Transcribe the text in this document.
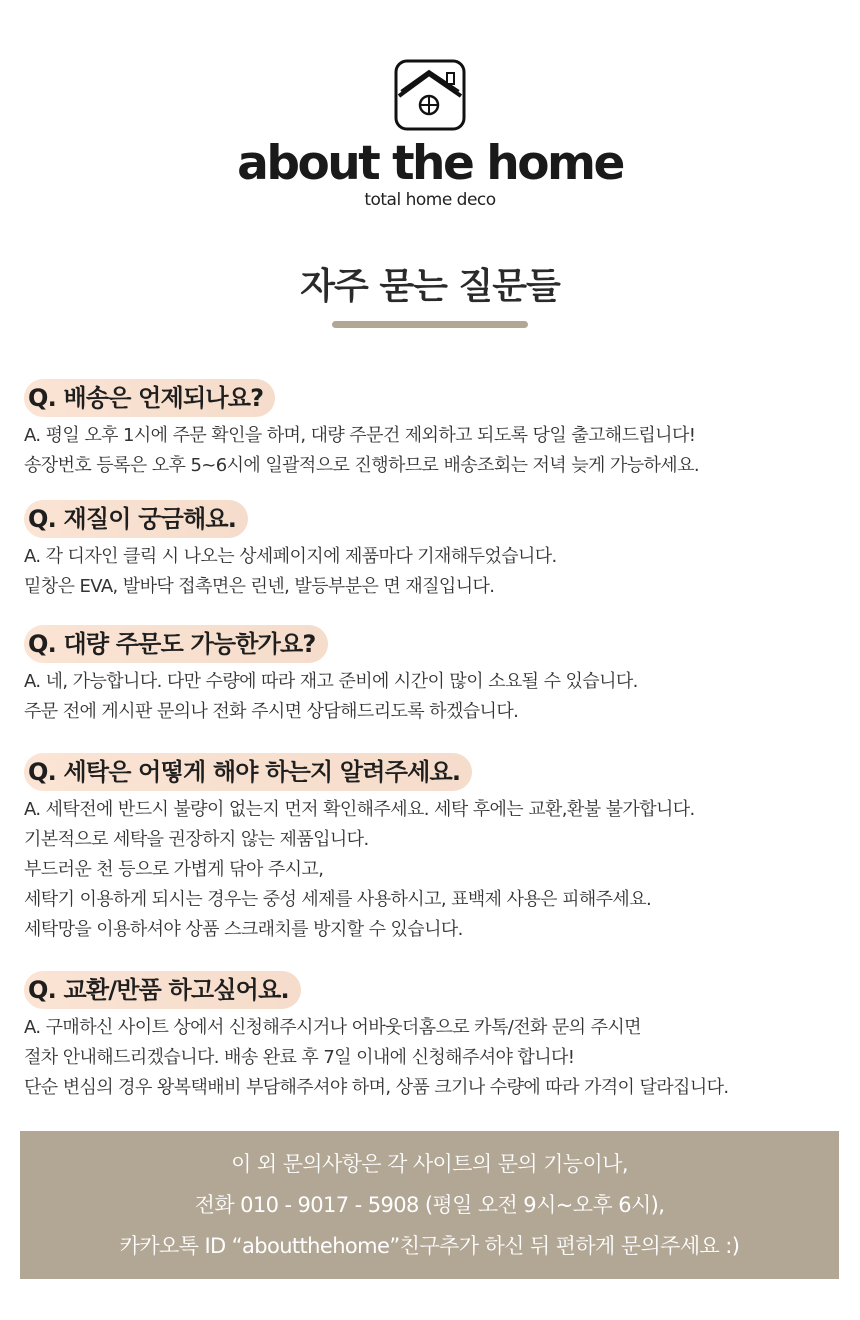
about the home
total home deco
자주 묻는 질문들
Q. 배송은 언제되나요?
A. 평일 오후 1시에 주문 확인을 하며, 대량 주문건 제외하고 되도록 당일 출고해드립니다!
송장번호 등록은 오후 5~6시에 일괄적으로 진행하므로 배송조회는 저녁 늦게 가능하세요.
Q. 재질이 궁금해요.
A. 각 디자인 클릭 시 나오는 상세페이지에 제품마다 기재해두었습니다.
밑창은 EVA, 발바닥 접촉면은 린넨, 발등부분은 면 재질입니다.
Q. 대량 주문도 가능한가요?
A. 네, 가능합니다. 다만 수량에 따라 재고 준비에 시간이 많이 소요될 수 있습니다.
주문 전에 게시판 문의나 전화 주시면 상담해드리도록 하겠습니다.
Q. 세탁은 어떻게 해야 하는지 알려주세요.
A. 세탁전에 반드시 불량이 없는지 먼저 확인해주세요. 세탁 후에는 교환,환불 불가합니다.
기본적으로 세탁을 권장하지 않는 제품입니다.
부드러운 천 등으로 가볍게 닦아 주시고,
세탁기 이용하게 되시는 경우는 중성 세제를 사용하시고, 표백제 사용은 피해주세요.
세탁망을 이용하셔야 상품 스크래치를 방지할 수 있습니다.
Q. 교환/반품 하고싶어요.
A. 구매하신 사이트 상에서 신청해주시거나 어바웃더홈으로 카톡/전화 문의 주시면
절차 안내해드리겠습니다. 배송 완료 후 7일 이내에 신청해주셔야 합니다!
단순 변심의 경우 왕복택배비 부담해주셔야 하며, 상품 크기나 수량에 따라 가격이 달라집니다.
이 외 문의사항은 각 사이트의 문의 기능이나,
전화 010 - 9017 - 5908 (평일 오전 9시~오후 6시),
카카오톡 ID “aboutthehome”친구추가 하신 뒤 편하게 문의주세요 :)
